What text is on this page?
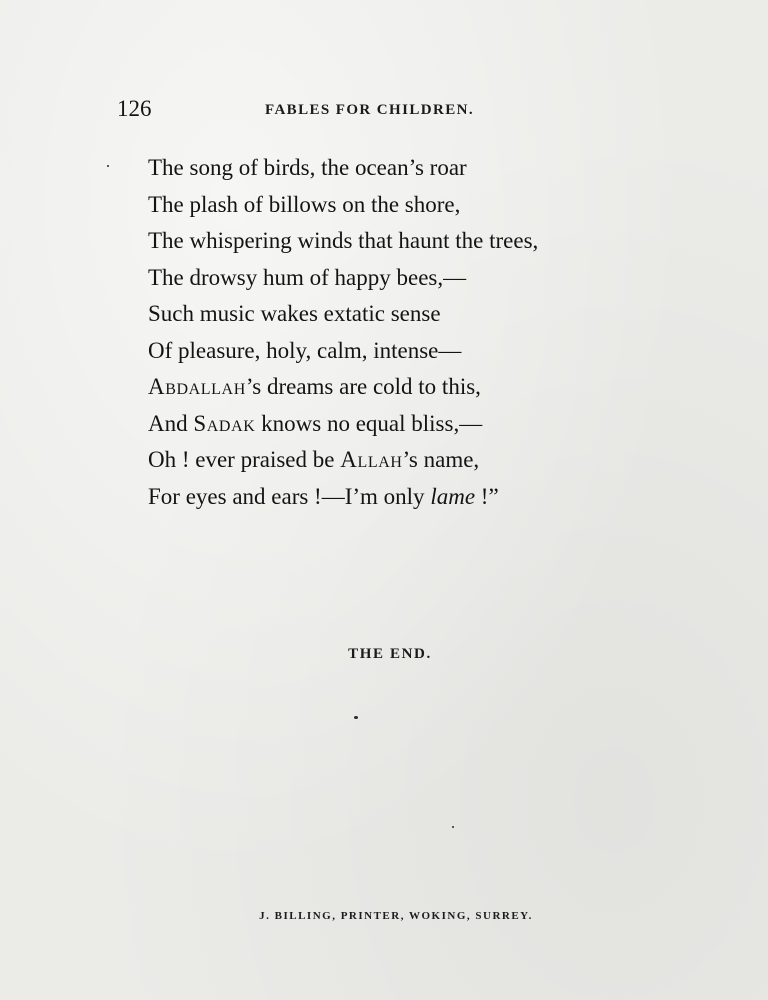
126	FABLES FOR CHILDREN.
The song of birds, the ocean’s roar
The plash of billows on the shore,
The whispering winds that haunt the trees,
The drowsy hum of happy bees,—
Such music wakes extatic sense
Of pleasure, holy, calm, intense—
Abdallah’s dreams are cold to this,
And Sadak knows no equal bliss,—
Oh ! ever praised be Allah’s name,
For eyes and ears !—I’m only lame !”
THE END.
J. BILLING, PRINTER, WOKING, SURREY.
